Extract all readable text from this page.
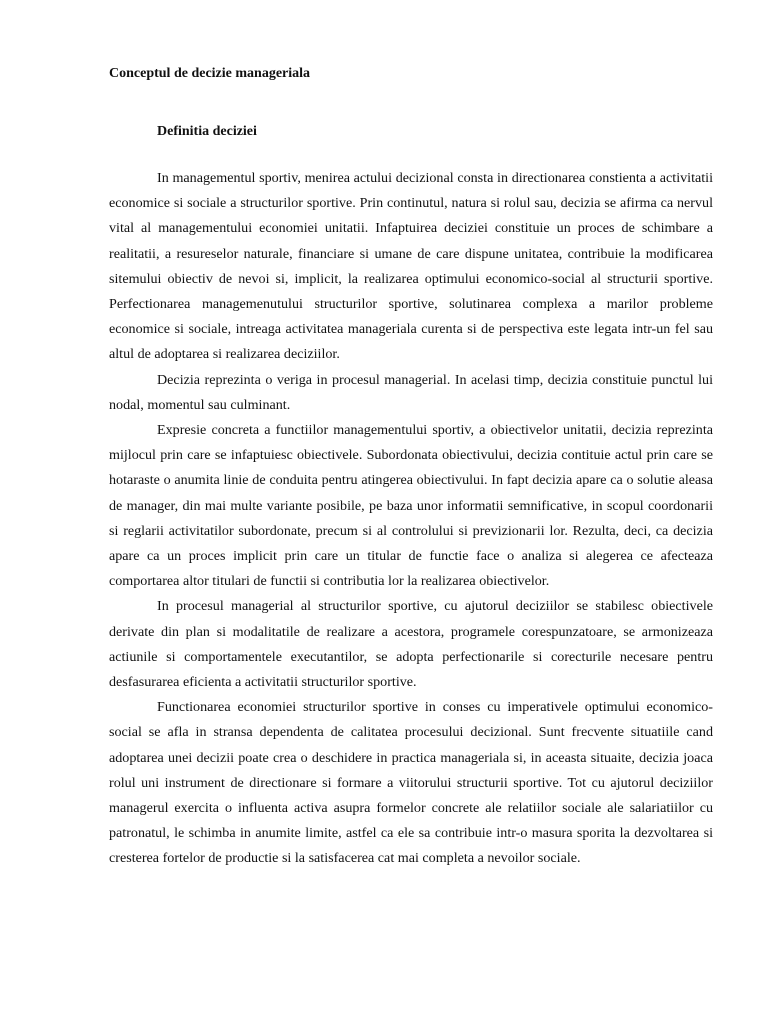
Conceptul de decizie manageriala
Definitia deciziei

In managementul sportiv, menirea actului decizional consta in directionarea constienta a activitatii economice si sociale a structurilor sportive. Prin continutul, natura si rolul sau, decizia se afirma ca nervul vital al managementului economiei unitatii. Infaptuirea deciziei constituie un proces de schimbare a realitatii, a resureselor naturale, financiare si umane de care dispune unitatea, contribuie la modificarea sitemului obiectiv de nevoi si, implicit, la realizarea optimului economico-social al structurii sportive. Perfectionarea managemenutului structurilor sportive, solutinarea complexa a marilor probleme economice si sociale, intreaga activitatea manageriala curenta si de perspectiva este legata intr-un fel sau altul de adoptarea si realizarea deciziilor.

Decizia reprezinta o veriga in procesul managerial. In acelasi timp, decizia constituie punctul lui nodal, momentul sau culminant.

Expresie concreta a functiilor managementului sportiv, a obiectivelor unitatii, decizia reprezinta mijlocul prin care se infaptuiesc obiectivele. Subordonata obiectivului, decizia contituie actul prin care se hotaraste o anumita linie de conduita pentru atingerea obiectivului. In fapt decizia apare ca o solutie aleasa de manager, din mai multe variante posibile, pe baza unor informatii semnificative, in scopul coordonarii si reglarii activitatilor subordonate, precum si al controlului si previzionarii lor. Rezulta, deci, ca decizia apare ca un proces implicit prin care un titular de functie face o analiza si alegerea ce afecteaza comportarea altor titulari de functii si contributia lor la realizarea obiectivelor.

In procesul managerial al structurilor sportive, cu ajutorul deciziilor se stabilesc obiectivele derivate din plan si modalitatile de realizare a acestora, programele corespunzatoare, se armonizeaza actiunile si comportamentele executantilor, se adopta perfectionarile si corecturile necesare pentru desfasurarea eficienta a activitatii structurilor sportive.

Functionarea economiei structurilor sportive in conses cu imperativele optimului economico-social se afla in stransa dependenta de calitatea procesului decizional. Sunt frecvente situatiile cand adoptarea unei decizii poate crea o deschidere in practica manageriala si, in aceasta situaite, decizia joaca rolul uni instrument de directionare si formare a viitorului structurii sportive. Tot cu ajutorul deciziilor managerul exercita o influenta activa asupra formelor concrete ale relatiilor sociale ale salariatiilor cu patronatul, le schimba in anumite limite, astfel ca ele sa contribuie intr-o masura sporita la dezvoltarea si cresterea fortelor de productie si la satisfacerea cat mai completa a nevoilor sociale.
